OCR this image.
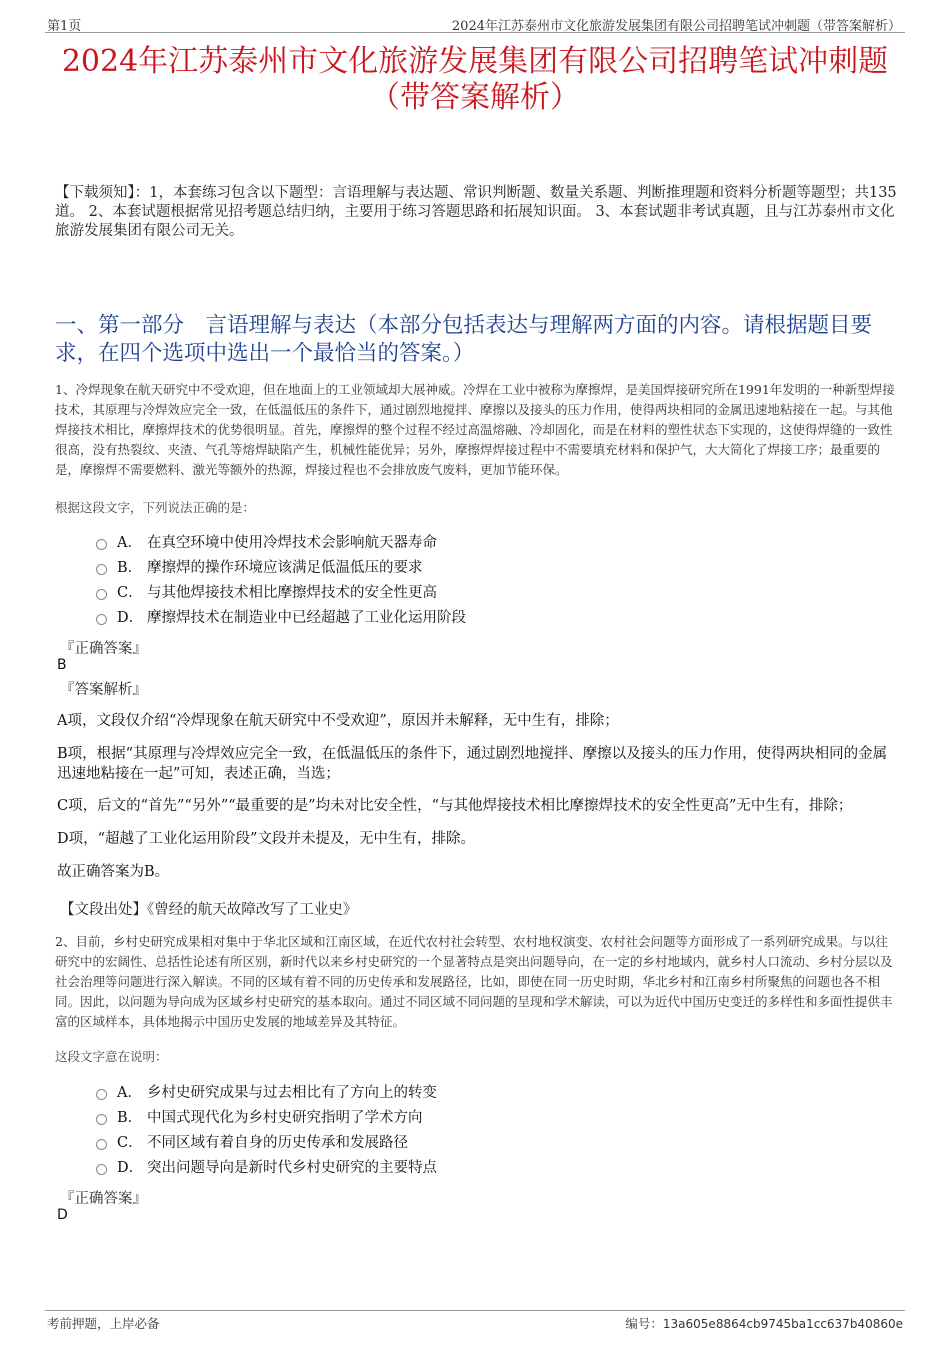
第1页	2024年江苏泰州市文化旅游发展集团有限公司招聘笔试冲刺题（带答案解析）
2024年江苏泰州市文化旅游发展集团有限公司招聘笔试冲刺题
（带答案解析）
【下载须知】：1，本套练习包含以下题型：言语理解与表达题、常识判断题、数量关系题、判断推理题和资料分析题等题型；共135道。 2、本套试题根据常见招考题总结归纳，主要用于练习答题思路和拓展知识面。 3、本套试题非考试真题，且与江苏泰州市文化旅游发展集团有限公司无关。
一、第一部分　言语理解与表达（本部分包括表达与理解两方面的内容。请根据题目要求，在四个选项中选出一个最恰当的答案。）
1、冷焊现象在航天研究中不受欢迎，但在地面上的工业领域却大展神威。冷焊在工业中被称为摩擦焊，是美国焊接研究所在1991年发明的一种新型焊接技术，其原理与冷焊效应完全一致，在低温低压的条件下，通过剧烈地搅拌、摩擦以及接头的压力作用，使得两块相同的金属迅速地粘接在一起。与其他焊接技术相比，摩擦焊技术的优势很明显。首先，摩擦焊的整个过程不经过高温熔融、冷却固化，而是在材料的塑性状态下实现的，这使得焊缝的一致性很高，没有热裂纹、夹渣、气孔等熔焊缺陷产生，机械性能优异；另外，摩擦焊焊接过程中不需要填充材料和保护气，大大简化了焊接工序；最重要的是，摩擦焊不需要燃料、激光等额外的热源，焊接过程也不会排放废气废料，更加节能环保。
根据这段文字，下列说法正确的是：
A． 在真空环境中使用冷焊技术会影响航天器寿命
B． 摩擦焊的操作环境应该满足低温低压的要求
C． 与其他焊接技术相比摩擦焊技术的安全性更高
D． 摩擦焊技术在制造业中已经超越了工业化运用阶段
『正确答案』
B
『答案解析』
A项，文段仅介绍“冷焊现象在航天研究中不受欢迎”，原因并未解释，无中生有，排除；
B项，根据“其原理与冷焊效应完全一致，在低温低压的条件下，通过剧烈地搅拌、摩擦以及接头的压力作用，使得两块相同的金属迅速地粘接在一起”可知，表述正确，当选；
C项，后文的“首先”“另外”“最重要的是”均未对比安全性，“与其他焊接技术相比摩擦焊技术的安全性更高”无中生有，排除；
D项，“超越了工业化运用阶段”文段并未提及，无中生有，排除。
故正确答案为B。
【文段出处】《曾经的航天故障改写了工业史》
2、目前，乡村史研究成果相对集中于华北区域和江南区域，在近代农村社会转型、农村地权演变、农村社会问题等方面形成了一系列研究成果。与以往研究中的宏阔性、总括性论述有所区别，新时代以来乡村史研究的一个显著特点是突出问题导向，在一定的乡村地域内，就乡村人口流动、乡村分层以及社会治理等问题进行深入解读。不同的区域有着不同的历史传承和发展路径，比如，即使在同一历史时期，华北乡村和江南乡村所聚焦的问题也各不相同。因此，以问题为导向成为区域乡村史研究的基本取向。通过不同区域不同问题的呈现和学术解读，可以为近代中国历史变迁的多样性和多面性提供丰富的区域样本，具体地揭示中国历史发展的地域差异及其特征。
这段文字意在说明：
A． 乡村史研究成果与过去相比有了方向上的转变
B． 中国式现代化为乡村史研究指明了学术方向
C． 不同区域有着自身的历史传承和发展路径
D． 突出问题导向是新时代乡村史研究的主要特点
『正确答案』
D
考前押题，上岸必备	编号：13a605e8864cb9745ba1cc637b40860e
